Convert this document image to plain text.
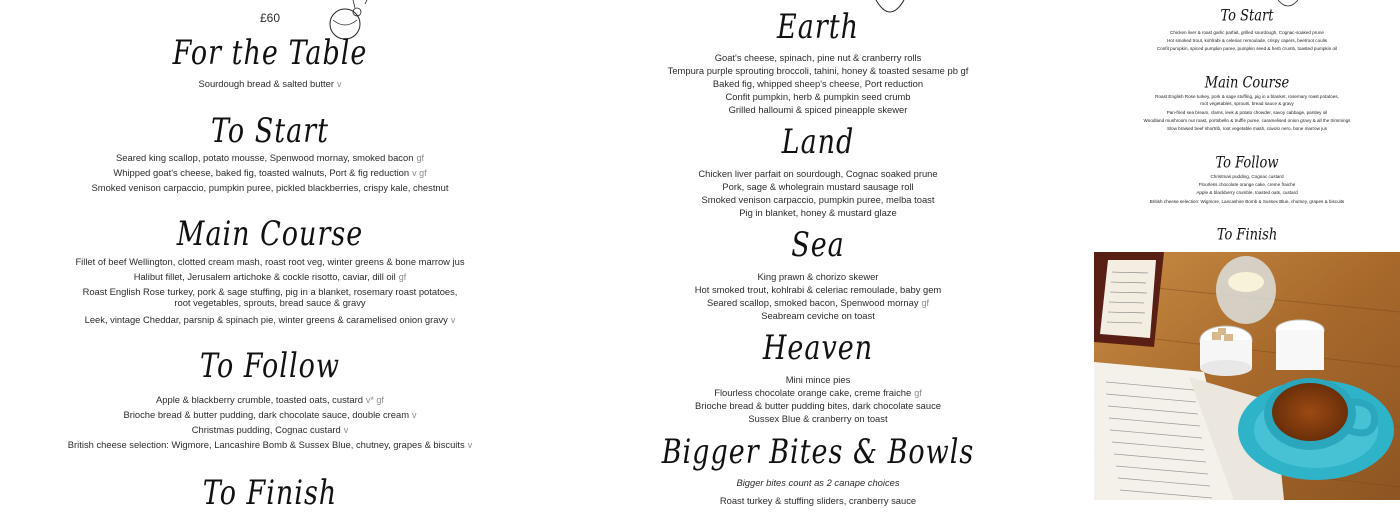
£60
For the Table
Sourdough bread & salted butter v
To Start
Seared king scallop, potato mousse, Spenwood mornay, smoked bacon gf
Whipped goat's cheese, baked fig, toasted walnuts, Port & fig reduction v gf
Smoked venison carpaccio, pumpkin puree, pickled blackberries, crispy kale, chestnut
Main Course
Fillet of beef Wellington, clotted cream mash, roast root veg, winter greens & bone marrow jus
Halibut fillet, Jerusalem artichoke & cockle risotto, caviar, dill oil gf
Roast English Rose turkey, pork & sage stuffing, pig in a blanket, rosemary roast potatoes,
root vegetables, sprouts, bread sauce & gravy
Leek, vintage Cheddar, parsnip & spinach pie, winter greens & caramelised onion gravy v
To Follow
Apple & blackberry crumble, toasted oats, custard v* gf
Brioche bread & butter pudding, dark chocolate sauce, double cream v
Christmas pudding, Cognac custard v
British cheese selection: Wigmore, Lancashire Bomb & Sussex Blue, chutney, grapes & biscuits v
To Finish
Earth
Goat's cheese, spinach, pine nut & cranberry rolls
Tempura purple sprouting broccoli, tahini, honey & toasted sesame pb gf
Baked fig, whipped sheep's cheese, Port reduction
Confit pumpkin, herb & pumpkin seed crumb
Grilled halloumi & spiced pineapple skewer
Land
Chicken liver parfait on sourdough, Cognac soaked prune
Pork, sage & wholegrain mustard sausage roll
Smoked venison carpaccio, pumpkin puree, melba toast
Pig in blanket, honey & mustard glaze
Sea
King prawn & chorizo skewer
Hot smoked trout, kohlrabi & celeriac remoulade, baby gem
Seared scallop, smoked bacon, Spenwood mornay gf
Seabream ceviche on toast
Heaven
Mini mince pies
Flourless chocolate orange cake, creme fraiche gf
Brioche bread & butter pudding bites, dark chocolate sauce
Sussex Blue & cranberry on toast
Bigger Bites & Bowls
Bigger bites count as 2 canape choices
Roast turkey & stuffing sliders, cranberry sauce
To Start
Chicken liver & roast garlic parfait, grilled sourdough, Cognac-soaked prune
Hot smoked trout, kohlrabi & celeriac remoulade, crispy capers, beetroot coulis
Confit pumpkin, spiced pumpkin puree, pumpkin seed & herb crumb, toasted pumpkin oil
Main Course
Roast English Rose turkey, pork & sage stuffing, pig in a blanket, rosemary roast potatoes,
root vegetables, sprouts, bread sauce & gravy
Pan-fried sea bream, clams, leek & potato chowder, savoy cabbage, parsley oil
Woodland mushroom nut roast, portobello & truffle puree, caramelised onion gravy & all the trimmings
Slow braised beef shortrib, root vegetable mash, cavolo nero, bone marrow jus
To Follow
Christmas pudding, Cognac custard
Flourless chocolate orange cake, creme fraiche
Apple & blackberry crumble, toasted oats, custard
British cheese selection: Wigmore, Lancashire Bomb & Sussex Blue, chutney, grapes & biscuits
To Finish
